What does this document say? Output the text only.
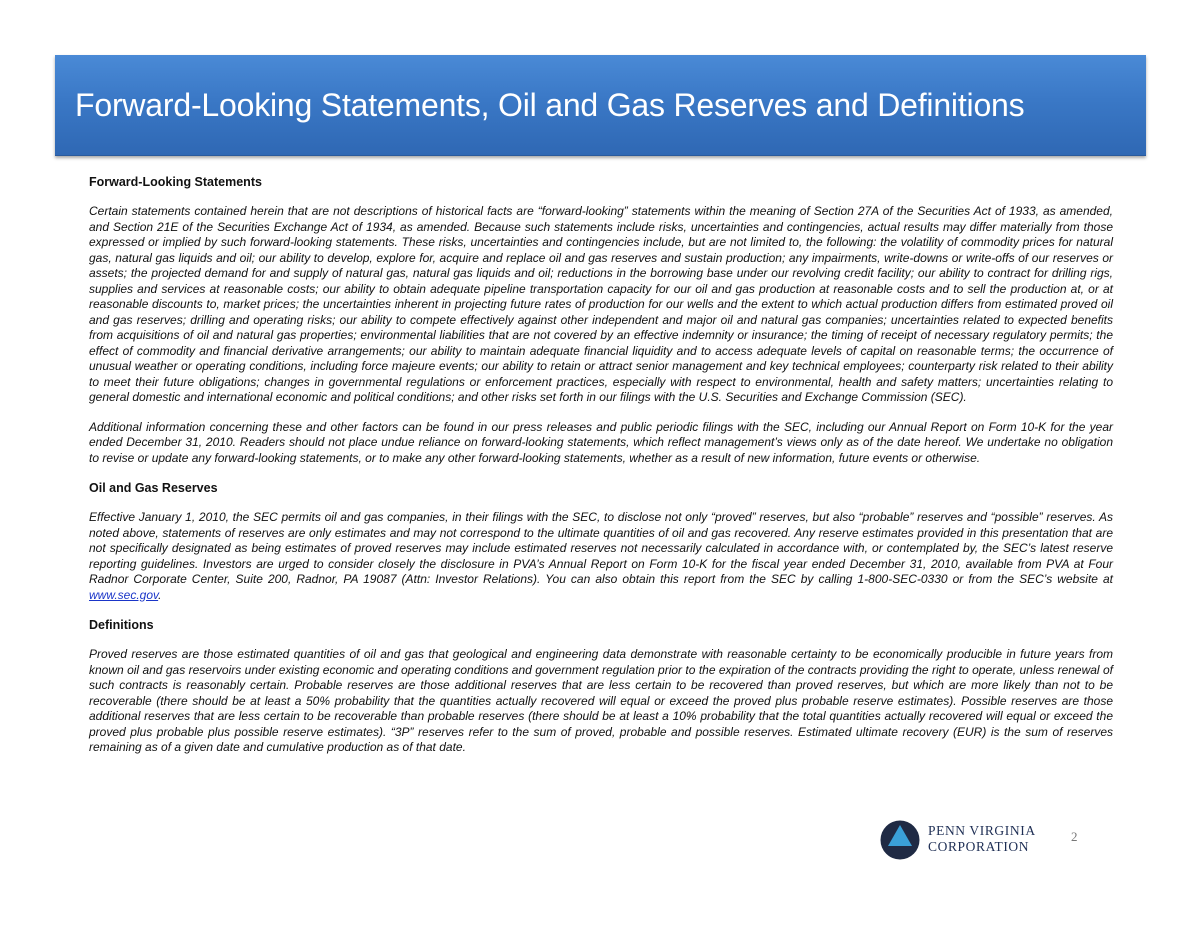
Forward-Looking Statements, Oil and Gas Reserves and Definitions
Forward-Looking Statements

Certain statements contained herein that are not descriptions of historical facts are “forward-looking” statements within the meaning of Section 27A of the Securities Act of 1933, as amended, and Section 21E of the Securities Exchange Act of 1934, as amended. Because such statements include risks, uncertainties and contingencies, actual results may differ materially from those expressed or implied by such forward-looking statements. These risks, uncertainties and contingencies include, but are not limited to, the following: the volatility of commodity prices for natural gas, natural gas liquids and oil; our ability to develop, explore for, acquire and replace oil and gas reserves and sustain production; any impairments, write-downs or write-offs of our reserves or assets; the projected demand for and supply of natural gas, natural gas liquids and oil; reductions in the borrowing base under our revolving credit facility; our ability to contract for drilling rigs, supplies and services at reasonable costs; our ability to obtain adequate pipeline transportation capacity for our oil and gas production at reasonable costs and to sell the production at, or at reasonable discounts to, market prices; the uncertainties inherent in projecting future rates of production for our wells and the extent to which actual production differs from estimated proved oil and gas reserves; drilling and operating risks; our ability to compete effectively against other independent and major oil and natural gas companies; uncertainties related to expected benefits from acquisitions of oil and natural gas properties; environmental liabilities that are not covered by an effective indemnity or insurance; the timing of receipt of necessary regulatory permits; the effect of commodity and financial derivative arrangements; our ability to maintain adequate financial liquidity and to access adequate levels of capital on reasonable terms; the occurrence of unusual weather or operating conditions, including force majeure events; our ability to retain or attract senior management and key technical employees; counterparty risk related to their ability to meet their future obligations; changes in governmental regulations or enforcement practices, especially with respect to environmental, health and safety matters; uncertainties relating to general domestic and international economic and political conditions; and other risks set forth in our filings with the U.S. Securities and Exchange Commission (SEC).

Additional information concerning these and other factors can be found in our press releases and public periodic filings with the SEC, including our Annual Report on Form 10-K for the year ended December 31, 2010. Readers should not place undue reliance on forward-looking statements, which reflect management’s views only as of the date hereof. We undertake no obligation to revise or update any forward-looking statements, or to make any other forward-looking statements, whether as a result of new information, future events or otherwise.

Oil and Gas Reserves

Effective January 1, 2010, the SEC permits oil and gas companies, in their filings with the SEC, to disclose not only “proved” reserves, but also “probable” reserves and “possible” reserves. As noted above, statements of reserves are only estimates and may not correspond to the ultimate quantities of oil and gas recovered. Any reserve estimates provided in this presentation that are not specifically designated as being estimates of proved reserves may include estimated reserves not necessarily calculated in accordance with, or contemplated by, the SEC’s latest reserve reporting guidelines. Investors are urged to consider closely the disclosure in PVA’s Annual Report on Form 10-K for the fiscal year ended December 31, 2010, available from PVA at Four Radnor Corporate Center, Suite 200, Radnor, PA 19087 (Attn: Investor Relations). You can also obtain this report from the SEC by calling 1-800-SEC-0330 or from the SEC’s website at www.sec.gov.

Definitions

Proved reserves are those estimated quantities of oil and gas that geological and engineering data demonstrate with reasonable certainty to be economically producible in future years from known oil and gas reservoirs under existing economic and operating conditions and government regulation prior to the expiration of the contracts providing the right to operate, unless renewal of such contracts is reasonably certain. Probable reserves are those additional reserves that are less certain to be recovered than proved reserves, but which are more likely than not to be recoverable (there should be at least a 50% probability that the quantities actually recovered will equal or exceed the proved plus probable reserve estimates). Possible reserves are those additional reserves that are less certain to be recoverable than probable reserves (there should be at least a 10% probability that the total quantities actually recovered will equal or exceed the proved plus probable plus possible reserve estimates). “3P” reserves refer to the sum of proved, probable and possible reserves. Estimated ultimate recovery (EUR) is the sum of reserves remaining as of a given date and cumulative production as of that date.

PENN VIRGINIA
CORPORATION
2
